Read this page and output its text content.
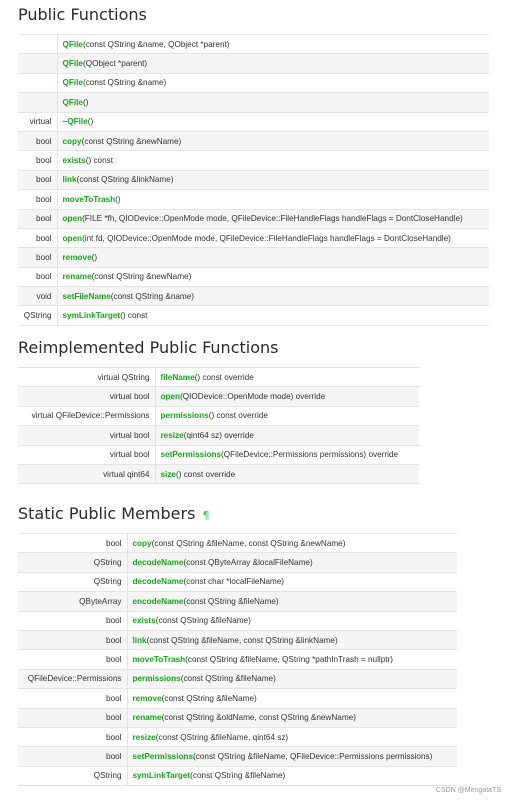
Public Functions
	QFile(const QString &name, QObject *parent)
	QFile(QObject *parent)
	QFile(const QString &name)
	QFile()
virtual	~QFile()
bool	copy(const QString &newName)
bool	exists() const
bool	link(const QString &linkName)
bool	moveToTrash()
bool	open(FILE *fh, QIODevice::OpenMode mode, QFileDevice::FileHandleFlags handleFlags = DontCloseHandle)
bool	open(int fd, QIODevice::OpenMode mode, QFileDevice::FileHandleFlags handleFlags = DontCloseHandle)
bool	remove()
bool	rename(const QString &newName)
void	setFileName(const QString &name)
QString	symLinkTarget() const
Reimplemented Public Functions
virtual QString	fileName() const override
virtual bool	open(QIODevice::OpenMode mode) override
virtual QFileDevice::Permissions	permissions() const override
virtual bool	resize(qint64 sz) override
virtual bool	setPermissions(QFileDevice::Permissions permissions) override
virtual qint64	size() const override
Static Public Members ¶
bool	copy(const QString &fileName, const QString &newName)
QString	decodeName(const QByteArray &localFileName)
QString	decodeName(const char *localFileName)
QByteArray	encodeName(const QString &fileName)
bool	exists(const QString &fileName)
bool	link(const QString &fileName, const QString &linkName)
bool	moveToTrash(const QString &fileName, QString *pathInTrash = nullptr)
QFileDevice::Permissions	permissions(const QString &fileName)
bool	remove(const QString &fileName)
bool	rename(const QString &oldName, const QString &newName)
bool	resize(const QString &fileName, qint64 sz)
bool	setPermissions(const QString &fileName, QFileDevice::Permissions permissions)
QString	symLinkTarget(const QString &fileName)
CSDN @MengataTS
